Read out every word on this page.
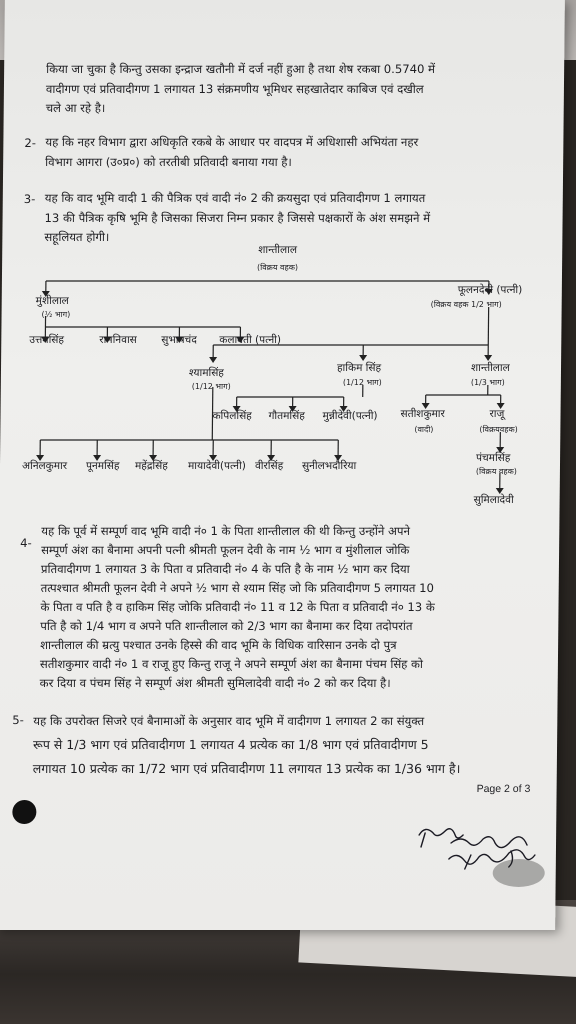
किया जा चुका है किन्तु उसका इन्द्राज खतौनी में दर्ज नहीं हुआ है तथा शेष रकबा 0.5740 में
वादीगण एवं प्रतिवादीगण 1 लगायत 13 संक्रमणीय भूमिधर सहखातेदार काबिज एवं दखील
चले आ रहे है।
2- यह कि नहर विभाग द्वारा अधिकृति रकबे के आधार पर वादपत्र में अधिशासी अभियंता नहर
विभाग आगरा (उ०प्र०) को तरतीबी प्रतिवादी बनाया गया है।
3- यह कि वाद भूमि वादी 1 की पैत्रिक एवं वादी नं० 2 की क्रयसुदा एवं प्रतिवादीगण 1 लगायत
13 की पैत्रिक कृषि भूमि है जिसका सिजरा निम्न प्रकार है जिससे पक्षकारों के अंश समझने में
सहूलियत होगी।
शान्तीलाल
(विक्रय वहक)
मुंशीलाल
(½ भाग)
फूलनदेवी (पत्नी)
(विक्रय वहक 1/2 भाग)
उत्तमसिंह	रामनिवास सुभाषचंद कलावती (पत्नी)
श्यामसिंह
(1/12 भाग)
हाकिम सिंह
(1/12 भाग)
शान्तीलाल
(1/3 भाग)
कपिलसिंह गौतमसिंह मुन्नीदेवी(पत्नी) सतीशकुमार
(वादी)
राजू
(विक्रयवहक)
पंचमसिंह
(विक्रय वहक)
सुमिलादेवी
अनिलकुमार पूनमसिंह महेंद्रसिंह मायादेवी(पत्नी) वीरसिंह सुनीलभदौरिया
4-
यह कि पूर्व में सम्पूर्ण वाद भूमि वादी नं० 1 के पिता शान्तीलाल की थी किन्तु उन्होंने अपने
सम्पूर्ण अंश का बैनामा अपनी पत्नी श्रीमती फूलन देवी के नाम ½ भाग व मुंशीलाल जोकि
प्रतिवादीगण 1 लगायत 3 के पिता व प्रतिवादी नं० 4 के पति है के नाम ½ भाग कर दिया
तत्पश्चात श्रीमती फूलन देवी ने अपने ½ भाग से श्याम सिंह जो कि प्रतिवादीगण 5 लगायत 10
के पिता व पति है व हाकिम सिंह जोकि प्रतिवादी नं० 11 व 12 के पिता व प्रतिवादी नं० 13 के
पति है को 1/4 भाग व अपने पति शान्तीलाल को 2/3 भाग का बैनामा कर दिया तदोपरांत
शान्तीलाल की म्रत्यु पश्चात उनके हिस्से की वाद भूमि के विधिक वारिसान उनके दो पुत्र
सतीशकुमार वादी नं० 1 व राजू हुए किन्तु राजू ने अपने सम्पूर्ण अंश का बैनामा पंचम सिंह को
कर दिया व पंचम सिंह ने सम्पूर्ण अंश श्रीमती सुमिलादेवी वादी नं० 2 को कर दिया है।
5- यह कि उपरोक्त सिजरे एवं बैनामाओं के अनुसार वाद भूमि में वादीगण 1 लगायत 2 का संयुक्त
रूप से 1/3 भाग एवं प्रतिवादीगण 1 लगायत 4 प्रत्येक का 1/8 भाग एवं प्रतिवादीगण 5
लगायत 10 प्रत्येक का 1/72 भाग एवं प्रतिवादीगण 11 लगायत 13 प्रत्येक का 1/36 भाग है।
Page 2 of 3
